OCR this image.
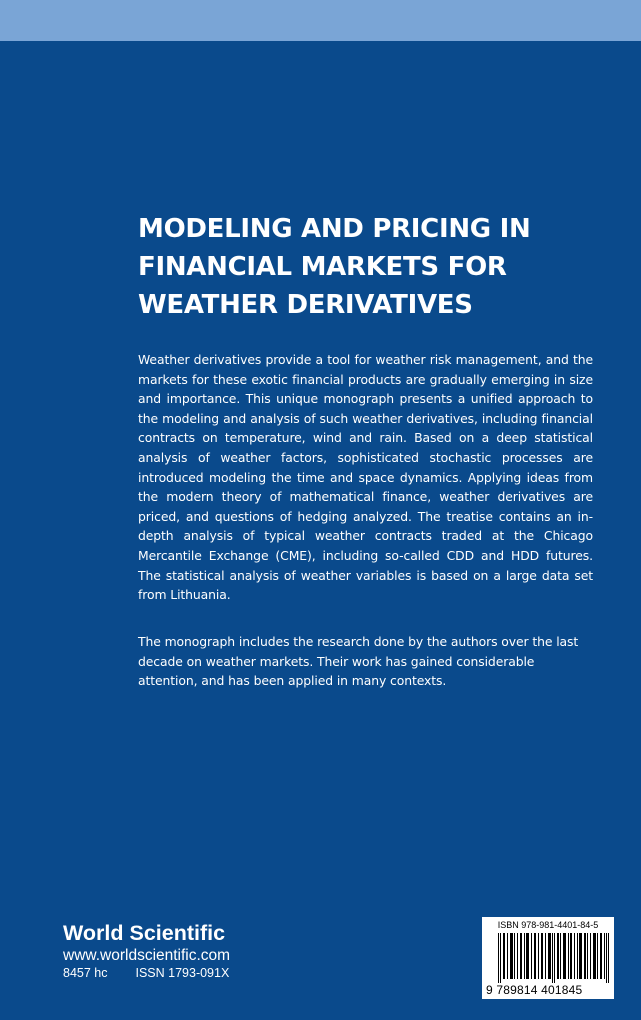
MODELING AND PRICING IN
FINANCIAL MARKETS FOR
WEATHER DERIVATIVES

Weather derivatives provide a tool for weather risk management, and the markets for these exotic financial products are gradually emerging in size and importance. This unique monograph presents a unified approach to the modeling and analysis of such weather derivatives, including financial contracts on temperature, wind and rain. Based on a deep statistical analysis of weather factors, sophisticated stochastic processes are introduced modeling the time and space dynamics. Applying ideas from the modern theory of mathematical finance, weather derivatives are priced, and questions of hedging analyzed. The treatise contains an in-depth analysis of typical weather contracts traded at the Chicago Mercantile Exchange (CME), including so-called CDD and HDD futures. The statistical analysis of weather variables is based on a large data set from Lithuania.

The monograph includes the research done by the authors over the last decade on weather markets. Their work has gained considerable attention, and has been applied in many contexts.

World Scientific
www.worldscientific.com
8457 hc ISSN 1793-091X
ISBN 978-981-4401-84-5
9 789814 401845
